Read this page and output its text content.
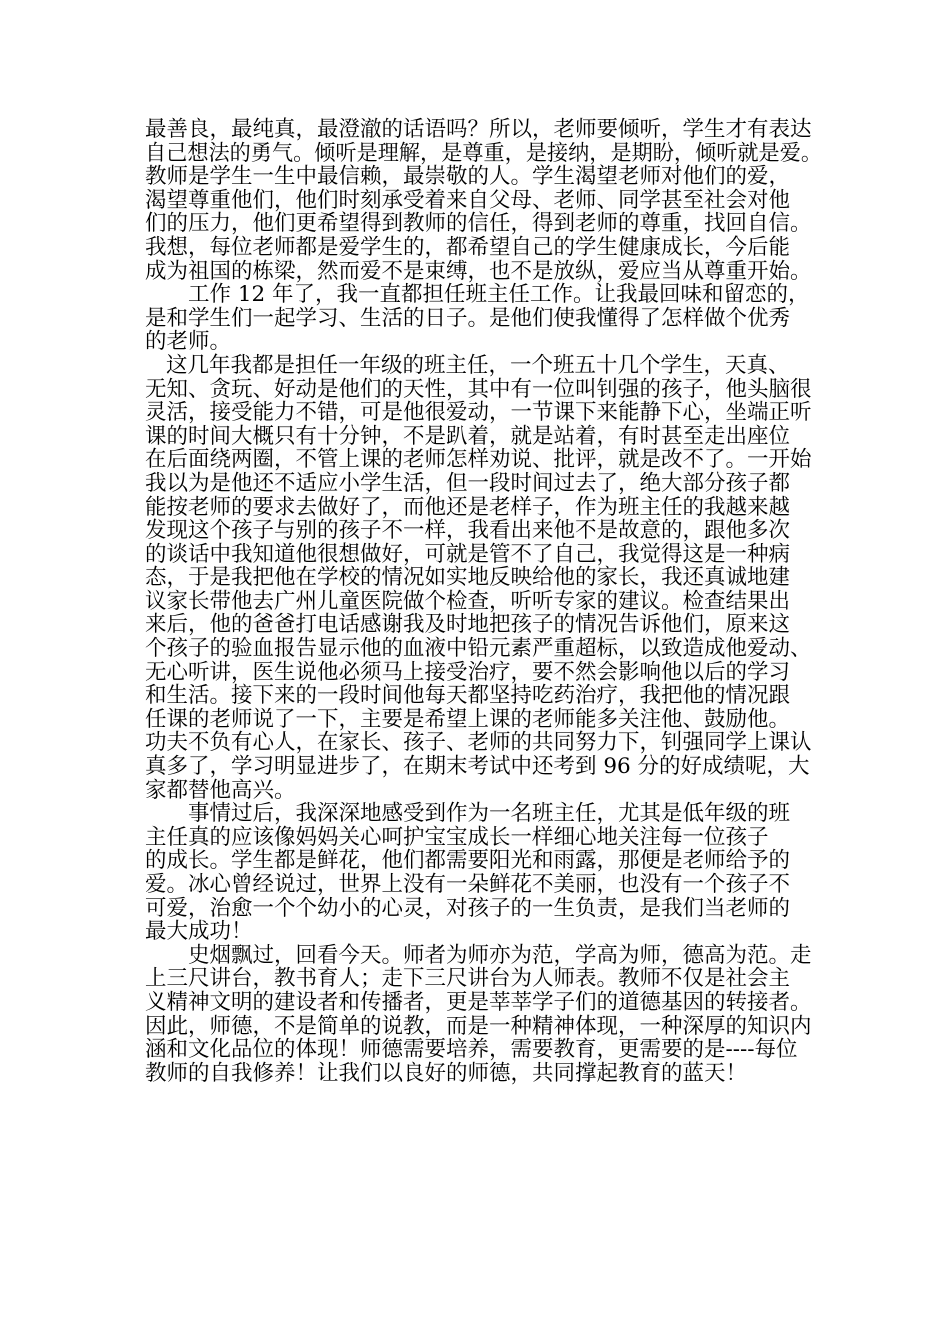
最善良，最纯真，最澄澈的话语吗？所以，老师要倾听，学生才有表达
自己想法的勇气。倾听是理解，是尊重，是接纳，是期盼，倾听就是爱。
教师是学生一生中最信赖，最崇敬的人。学生渴望老师对他们的爱，
渴望尊重他们，他们时刻承受着来自父母、老师、同学甚至社会对他
们的压力，他们更希望得到教师的信任，得到老师的尊重，找回自信。
我想，每位老师都是爱学生的，都希望自己的学生健康成长，今后能
成为祖国的栋梁，然而爱不是束缚，也不是放纵，爱应当从尊重开始。
工作 12 年了，我一直都担任班主任工作。让我最回味和留恋的，
是和学生们一起学习、生活的日子。是他们使我懂得了怎样做个优秀
的老师。
这几年我都是担任一年级的班主任，一个班五十几个学生，天真、
无知、贪玩、好动是他们的天性，其中有一位叫钊强的孩子，他头脑很
灵活，接受能力不错，可是他很爱动，一节课下来能静下心，坐端正听
课的时间大概只有十分钟，不是趴着，就是站着，有时甚至走出座位
在后面绕两圈，不管上课的老师怎样劝说、批评，就是改不了。一开始
我以为是他还不适应小学生活，但一段时间过去了，绝大部分孩子都
能按老师的要求去做好了，而他还是老样子，作为班主任的我越来越
发现这个孩子与别的孩子不一样，我看出来他不是故意的，跟他多次
的谈话中我知道他很想做好，可就是管不了自己，我觉得这是一种病
态，于是我把他在学校的情况如实地反映给他的家长，我还真诚地建
议家长带他去广州儿童医院做个检查，听听专家的建议。检查结果出
来后，他的爸爸打电话感谢我及时地把孩子的情况告诉他们，原来这
个孩子的验血报告显示他的血液中铅元素严重超标，以致造成他爱动、
无心听讲，医生说他必须马上接受治疗，要不然会影响他以后的学习
和生活。接下来的一段时间他每天都坚持吃药治疗，我把他的情况跟
任课的老师说了一下，主要是希望上课的老师能多关注他、鼓励他。
功夫不负有心人，在家长、孩子、老师的共同努力下，钊强同学上课认
真多了，学习明显进步了，在期末考试中还考到 96 分的好成绩呢，大
家都替他高兴。
事情过后，我深深地感受到作为一名班主任，尤其是低年级的班
主任真的应该像妈妈关心呵护宝宝成长一样细心地关注每一位孩子
的成长。学生都是鲜花，他们都需要阳光和雨露，那便是老师给予的
爱。冰心曾经说过，世界上没有一朵鲜花不美丽，也没有一个孩子不
可爱，治愈一个个幼小的心灵，对孩子的一生负责，是我们当老师的
最大成功！
史烟飘过，回看今天。师者为师亦为范，学高为师，德高为范。走
上三尺讲台，教书育人；走下三尺讲台为人师表。教师不仅是社会主
义精神文明的建设者和传播者，更是莘莘学子们的道德基因的转接者。
因此，师德，不是简单的说教，而是一种精神体现，一种深厚的知识内
涵和文化品位的体现！师德需要培养，需要教育，更需要的是----每位
教师的自我修养！让我们以良好的师德，共同撑起教育的蓝天！
